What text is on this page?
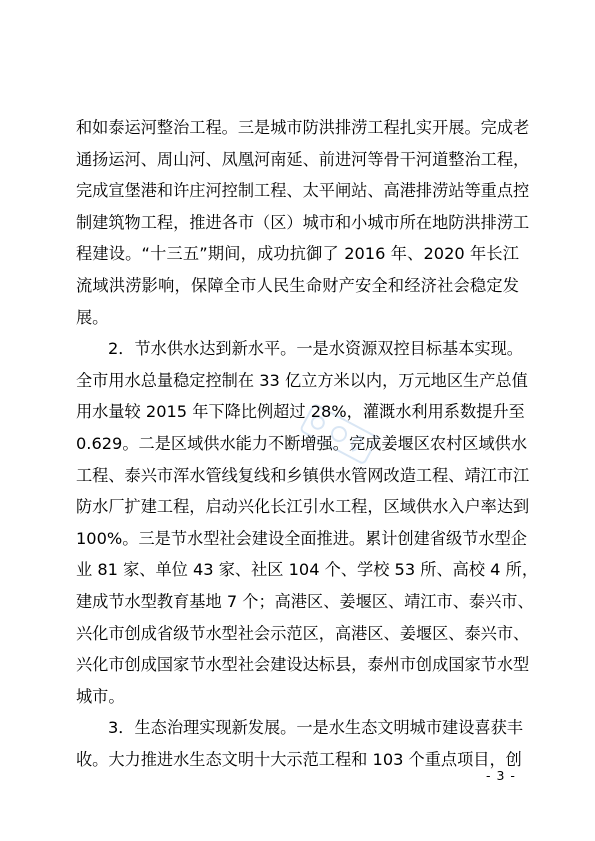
和如泰运河整治工程。三是城市防洪排涝工程扎实开展。完成老
通扬运河、周山河、凤凰河南延、前进河等骨干河道整治工程，
完成宣堡港和许庄河控制工程、太平闸站、高港排涝站等重点控
制建筑物工程，推进各市（区）城市和小城市所在地防洪排涝工
程建设。“十三五”期间，成功抗御了 2016 年、2020 年长江
流域洪涝影响，保障全市人民生命财产安全和经济社会稳定发
展。
2．节水供水达到新水平。一是水资源双控目标基本实现。
全市用水总量稳定控制在 33 亿立方米以内，万元地区生产总值
用水量较 2015 年下降比例超过 28%，灌溉水利用系数提升至
0.629。二是区域供水能力不断增强。完成姜堰区农村区域供水
工程、泰兴市浑水管线复线和乡镇供水管网改造工程、靖江市江
防水厂扩建工程，启动兴化长江引水工程，区域供水入户率达到
100%。三是节水型社会建设全面推进。累计创建省级节水型企
业 81 家、单位 43 家、社区 104 个、学校 53 所、高校 4 所，
建成节水型教育基地 7 个；高港区、姜堰区、靖江市、泰兴市、
兴化市创成省级节水型社会示范区，高港区、姜堰区、泰兴市、
兴化市创成国家节水型社会建设达标县，泰州市创成国家节水型
城市。
3．生态治理实现新发展。一是水生态文明城市建设喜获丰
收。大力推进水生态文明十大示范工程和 103 个重点项目，创
- 3 -
